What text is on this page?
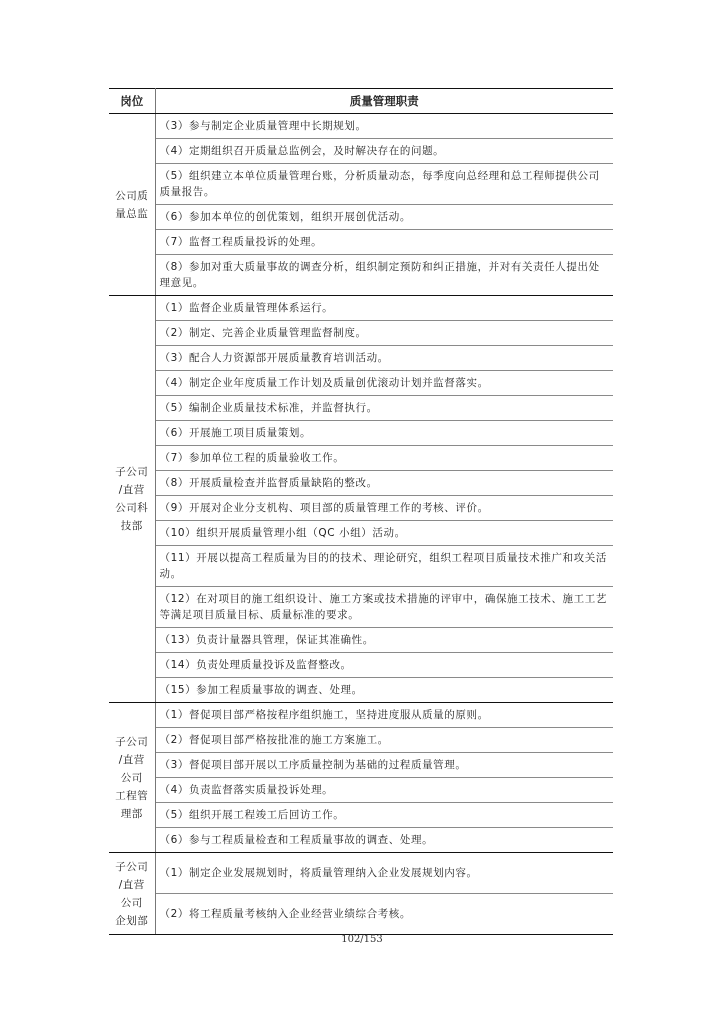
岗位	质量管理职责

公司质
量总监	（3）参与制定企业质量管理中长期规划。
	（4）定期组织召开质量总监例会，及时解决存在的问题。
	（5）组织建立本单位质量管理台账，分析质量动态，每季度向总经理和总工程师提供公司质量报告。
	（6）参加本单位的创优策划，组织开展创优活动。
	（7）监督工程质量投诉的处理。
	（8）参加对重大质量事故的调查分析，组织制定预防和纠正措施，并对有关责任人提出处理意见。

子公司
/直营
公司科
技部	（1）监督企业质量管理体系运行。
	（2）制定、完善企业质量管理监督制度。
	（3）配合人力资源部开展质量教育培训活动。
	（4）制定企业年度质量工作计划及质量创优滚动计划并监督落实。
	（5）编制企业质量技术标准，并监督执行。
	（6）开展施工项目质量策划。
	（7）参加单位工程的质量验收工作。
	（8）开展质量检查并监督质量缺陷的整改。
	（9）开展对企业分支机构、项目部的质量管理工作的考核、评价。
	（10）组织开展质量管理小组（QC 小组）活动。
	（11）开展以提高工程质量为目的的技术、理论研究，组织工程项目质量技术推广和攻关活动。
	（12）在对项目的施工组织设计、施工方案或技术措施的评审中，确保施工技术、施工工艺等满足项目质量目标、质量标准的要求。
	（13）负责计量器具管理，保证其准确性。
	（14）负责处理质量投诉及监督整改。
	（15）参加工程质量事故的调查、处理。

子公司
/直营
公司
工程管
理部	（1）督促项目部严格按程序组织施工，坚持进度服从质量的原则。
	（2）督促项目部严格按批准的施工方案施工。
	（3）督促项目部开展以工序质量控制为基础的过程质量管理。
	（4）负责监督落实质量投诉处理。
	（5）组织开展工程竣工后回访工作。
	（6）参与工程质量检查和工程质量事故的调查、处理。

子公司
/直营
公司
企划部	（1）制定企业发展规划时，将质量管理纳入企业发展规划内容。
	（2）将工程质量考核纳入企业经营业绩综合考核。
102/153
